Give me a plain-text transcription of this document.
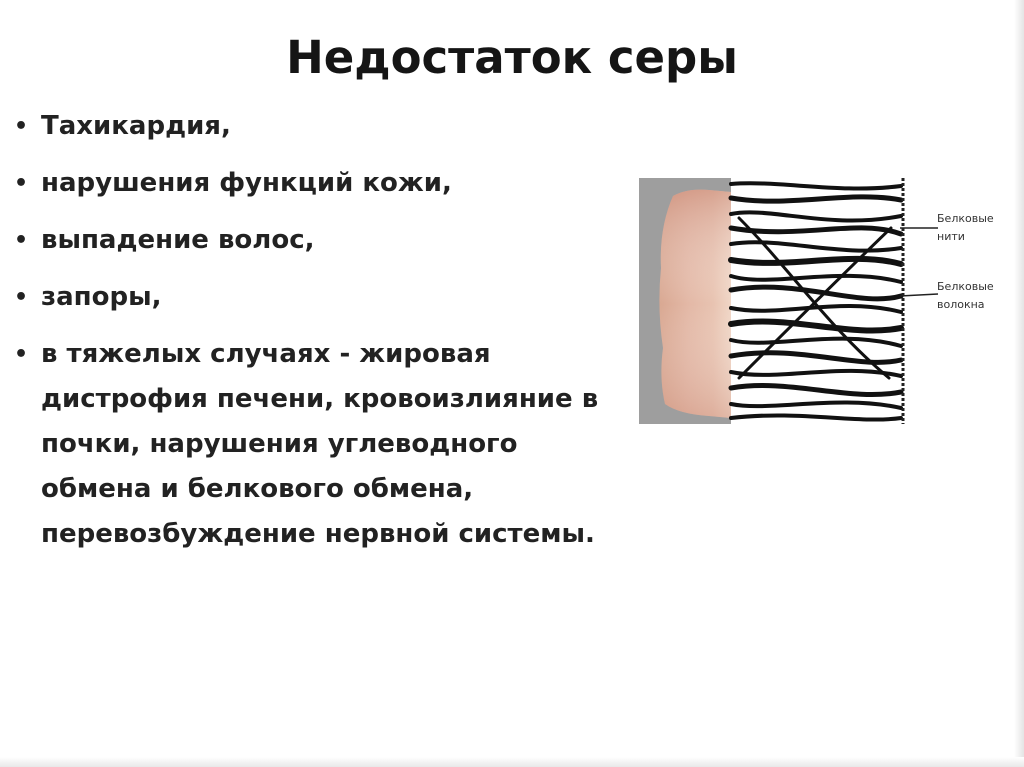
Недостаток серы
• Тахикардия,
• нарушения функций кожи,
• выпадение волос,
• запоры,
• в тяжелых случаях - жировая дистрофия печени, кровоизлияние в почки, нарушения углеводного обмена и белкового обмена, перевозбуждение нервной системы.
Белковые
нити
Белковые
волокна
